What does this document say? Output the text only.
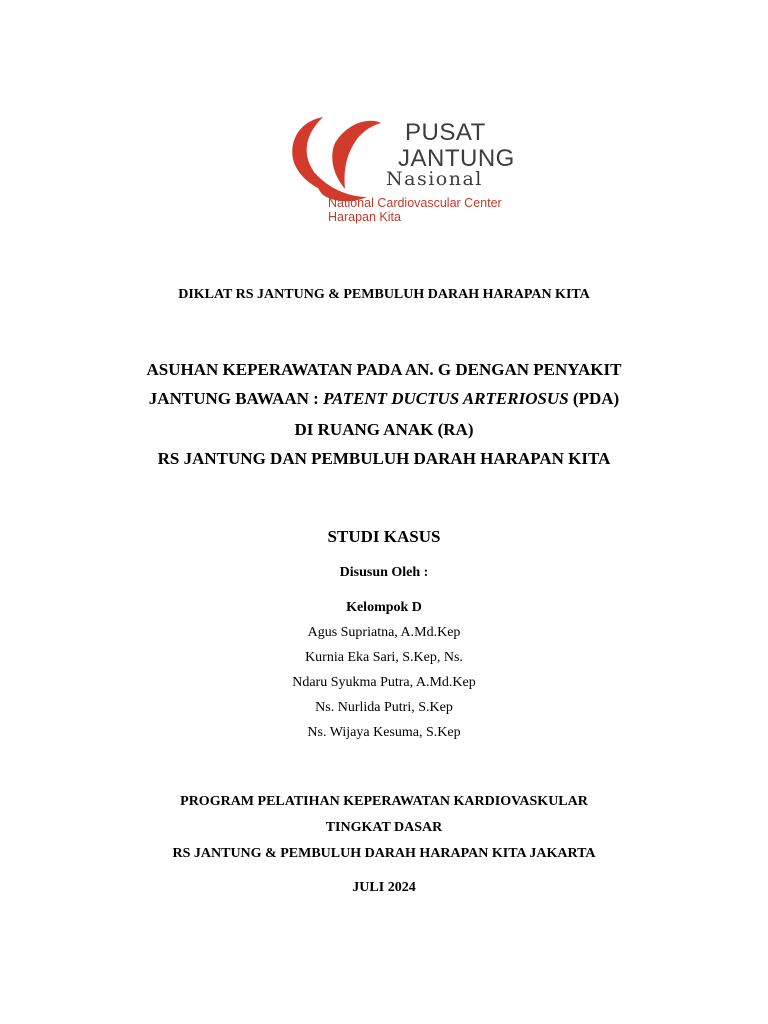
PUSAT
JANTUNG
Nasional
National Cardiovascular Center
Harapan Kita
DIKLAT RS JANTUNG & PEMBULUH DARAH HARAPAN KITA
ASUHAN KEPERAWATAN PADA AN. G DENGAN PENYAKIT
JANTUNG BAWAAN : PATENT DUCTUS ARTERIOSUS (PDA)
DI RUANG ANAK (RA)
RS JANTUNG DAN PEMBULUH DARAH HARAPAN KITA
STUDI KASUS
Disusun Oleh :
Kelompok D
Agus Supriatna, A.Md.Kep
Kurnia Eka Sari, S.Kep, Ns.
Ndaru Syukma Putra, A.Md.Kep
Ns. Nurlida Putri, S.Kep
Ns. Wijaya Kesuma, S.Kep
PROGRAM PELATIHAN KEPERAWATAN KARDIOVASKULAR
TINGKAT DASAR
RS JANTUNG & PEMBULUH DARAH HARAPAN KITA JAKARTA
JULI 2024
